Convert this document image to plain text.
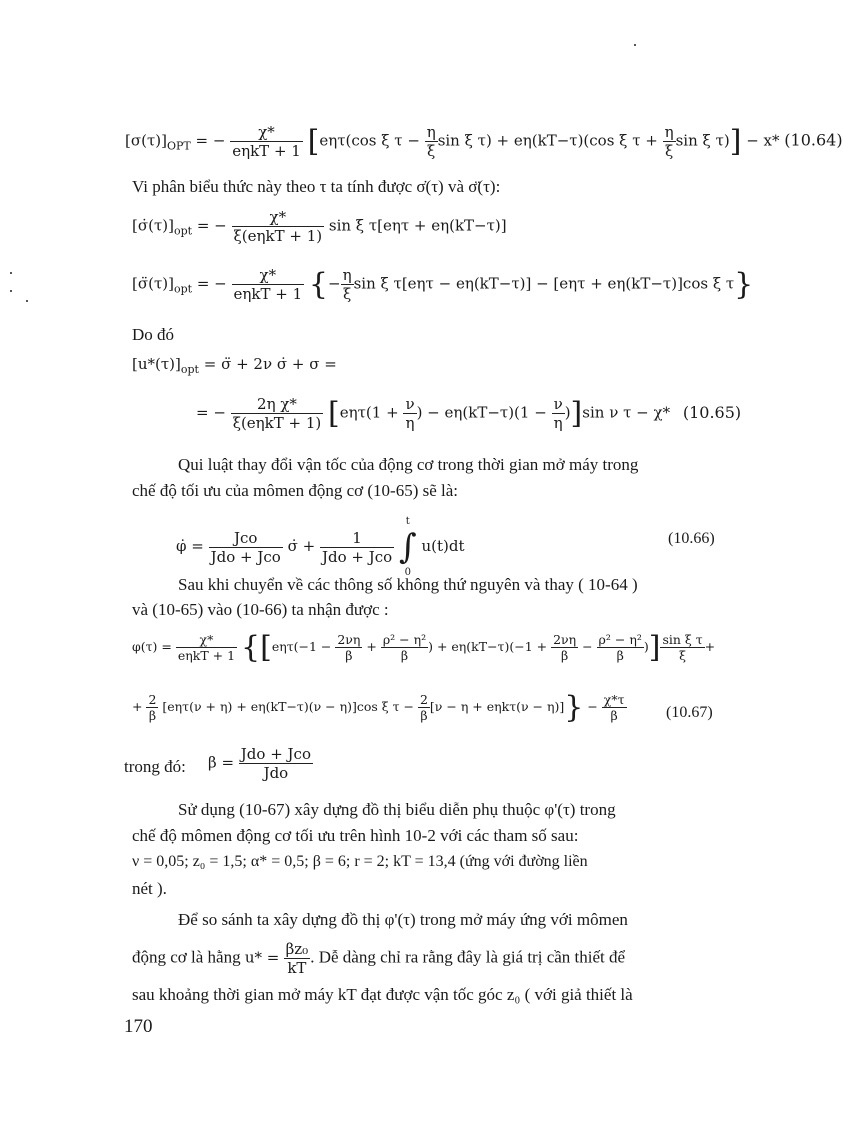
$[\sigma(\tau)]_{OPT}$ = − $\frac{\chi*}{\text{eηkT + 1}} [e\eta\tau(\cos$ ξ $\tau - \frac{\eta}{\xi}$ sin ξ τ) + eη(kT−τ)(cos ξ $\tau + \frac{\eta}{\xi}$ sin ξ τ)] − x* (10.64)
Vi phân biểu thức này theo τ ta tính được σ̇(τ) và σ̈(τ):
$[\sigmȧ(\tau)]_{opt}$ = − $\frac{\chi*}{\text{ξ(eηkT + 1)}}$ sin ξ τ[eητ + eη(kT−τ)]
$[\sigmä(\tau)]_{opt}$ = − $\frac{\chi*}{\text{eηkT + 1}}$ {− $\frac{\eta}{\xi}$ sin ξ τ[eητ − eη(kT−τ)] − [eητ + eη(kT−τ)]cos ξ τ}
Do đó
$[u*(\tau)]_{opt}$ = σ̈ + 2ν σ̇ + σ =
= − $\frac{\text{2η χ*}}{\text{ξ(eηkT + 1)}} [e\eta\tau(1 + \frac{\nu}{\eta}$ ) − $e\eta(kT-\tau)(1 - \frac{\nu}{\eta} )]\sin$ ν τ − χ* (10.65)
Qui luật thay đổi vận tốc của động cơ trong thời gian mở máy trong
chế độ tối ưu của mômen động cơ (10-65) sẽ là:
φ̇ = $\frac{\text{Jco}}{\text{Jdo + Jco}}$ σ̇ + $\frac{1}{\text{Jdo + Jco}}$

t
∫
0
u(t)dt	(10.66)
Sau khi chuyển về các thông số không thứ nguyên và thay ( 10-64 )
và (10-65) vào (10-66) ta nhận được :
$\varphi(\tau) = \frac{\chi*}{\text{eηkT + 1}} \{[e\eta\tau(-1 - \frac{2\nu\eta}{\beta} + \frac{\text{ρ² − η²}}{\beta}$ ) + $e\eta(kT-\tau)(-1 + \frac{2\nu\eta}{\beta} - \frac{\text{ρ² − η²}}{\beta}$ )] $\frac{\text{sin ξ τ}}{\xi}$ +
+ $\frac{2}{\beta} [e\eta\tau(\nu + \eta) + e\eta(kT-\tau)(\nu - \eta)]\cos$ ξ $\tau - \frac{2}{\beta} [\nu - \eta + e\eta k\tau(\nu - \eta)]\} - \frac{\chi*\tau}{\beta} (10.67)$
trong đó: $\beta = \frac{\text{Jdo + Jco}}{\text{Jdo}}$
Sử dụng (10-67) xây dựng đồ thị biểu diễn phụ thuộc φ'(τ) trong
chế độ mômen động cơ tối ưu trên hình 10-2 với các tham số sau:
ν = 0,05; z₀ = 1,5; α* = 0,5; β = 6; r = 2; kT = 13,4 (ứng với đường liền
nét ).
Để so sánh ta xây dựng đồ thị φ'(τ) trong mở máy ứng với mômen
động cơ là hằng $u* = \frac{\text{βz₀}}{kT}$ . Dễ dàng chỉ ra rằng đây là giá trị cần thiết để
sau khoảng thời gian mở máy kT đạt được vận tốc góc z₀ ( với giả thiết là
170
